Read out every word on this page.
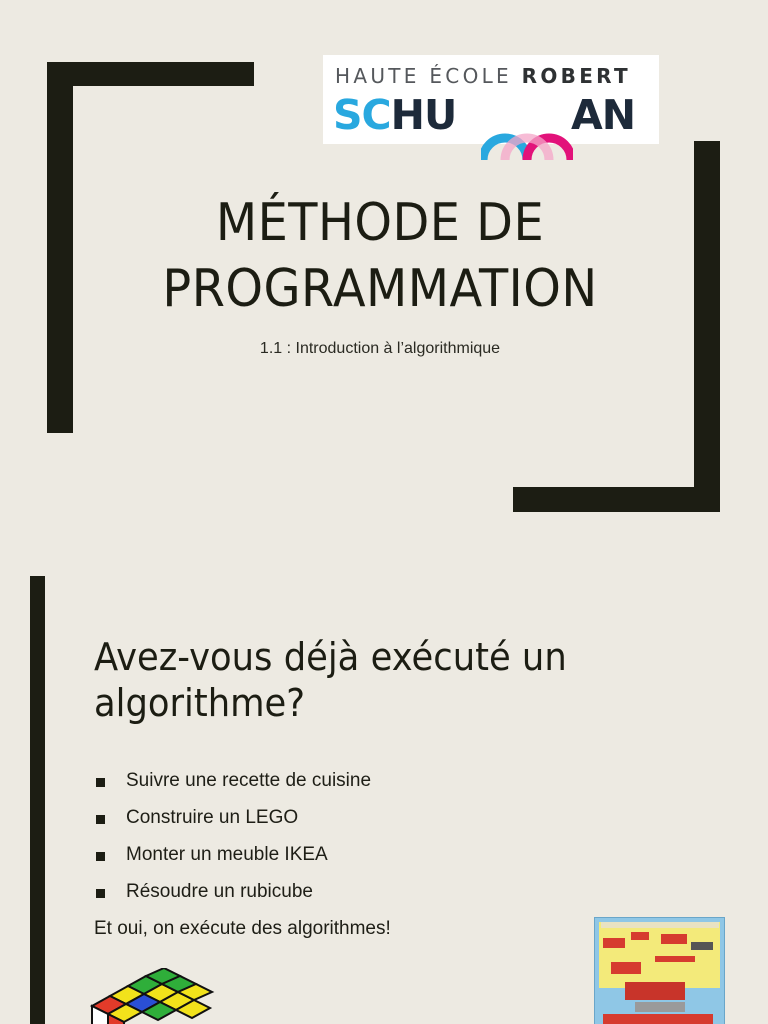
HAUTE ÉCOLE ROBERT
SCHU	AN
MÉTHODE DE
PROGRAMMATION
1.1 : Introduction à l’algorithmique
Avez-vous déjà exécuté un
algorithme?
Suivre une recette de cuisine
Construire un LEGO
Monter un meuble IKEA
Résoudre un rubicube
Et oui, on exécute des algorithmes!
